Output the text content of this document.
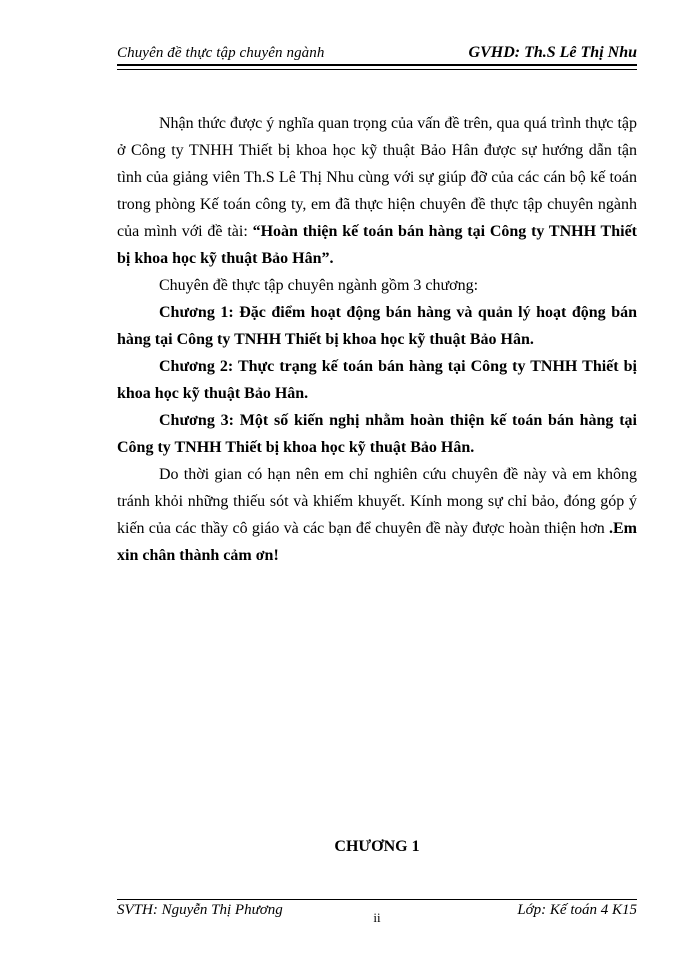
Chuyên đề thực tập chuyên ngành	GVHD: Th.S Lê Thị Nhu

Nhận thức được ý nghĩa quan trọng của vấn đề trên, qua quá trình thực tập ở Công ty TNHH Thiết bị khoa học kỹ thuật Bảo Hân được sự hướng dẫn tận tình của giảng viên Th.S Lê Thị Nhu cùng với sự giúp đỡ của các cán bộ kế toán trong phòng Kế toán công ty, em đã thực hiện chuyên đề thực tập chuyên ngành của mình với đề tài: “Hoàn thiện kế toán bán hàng tại Công ty TNHH Thiết bị khoa học kỹ thuật Bảo Hân”.

Chuyên đề thực tập chuyên ngành gồm 3 chương:

Chương 1: Đặc điểm hoạt động bán hàng và quản lý hoạt động bán hàng tại Công ty TNHH Thiết bị khoa học kỹ thuật Bảo Hân.

Chương 2: Thực trạng kế toán bán hàng tại Công ty TNHH Thiết bị khoa học kỹ thuật Bảo Hân.

Chương 3: Một số kiến nghị nhằm hoàn thiện kế toán bán hàng tại Công ty TNHH Thiết bị khoa học kỹ thuật Bảo Hân.

Do thời gian có hạn nên em chỉ nghiên cứu chuyên đề này và em không tránh khỏi những thiếu sót và khiếm khuyết. Kính mong sự chỉ bảo, đóng góp ý kiến của các thầy cô giáo và các bạn để chuyên đề này được hoàn thiện hơn .Em xin chân thành cảm ơn!

CHƯƠNG 1
SVTH: Nguyễn Thị Phương	ii	Lớp: Kế toán 4 K15
